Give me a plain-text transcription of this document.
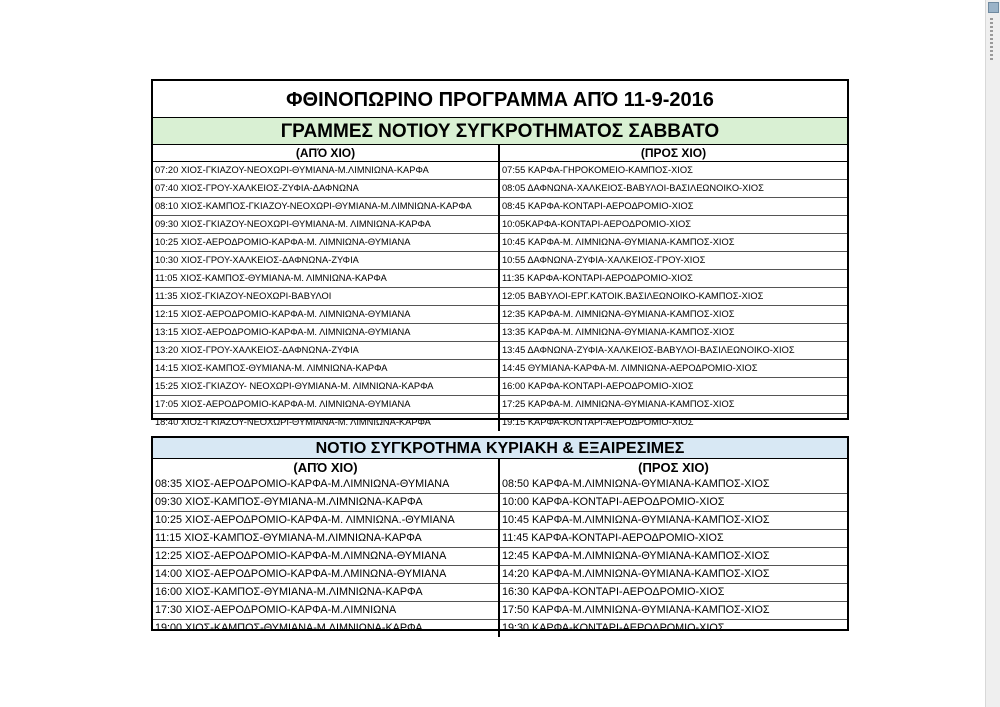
ΦΘΙΝΟΠΩΡΙΝΟ ΠΡΟΓΡΑΜΜΑ ΑΠΌ 11-9-2016
ΓΡΑΜΜΕΣ ΝΟΤΙΟΥ ΣΥΓΚΡΟΤΗΜΑΤΟΣ ΣΑΒΒΑΤΟ
(ΑΠΌ ΧΙΟ)
07:20 ΧΙΟΣ-ΓΚΙΑΖΟΥ-ΝΕΟΧΩΡΙ-ΘΥΜΙΑΝΑ-Μ.ΛΙΜΝΙΩΝΑ-ΚΑΡΦΑ
07:40 ΧΙΟΣ-ΓΡΟΥ-ΧΑΛΚΕΙΟΣ-ΖΥΦΙΑ-ΔΑΦΝΩΝΑ
08:10 ΧΙΟΣ-ΚΑΜΠΟΣ-ΓΚΙΑΖΟΥ-ΝΕΟΧΩΡΙ-ΘΥΜΙΑΝΑ-Μ.ΛΙΜΝΙΩΝΑ-ΚΑΡΦΑ
09:30 ΧΙΟΣ-ΓΚΙΑΖΟΥ-ΝΕΟΧΩΡΙ-ΘΥΜΙΑΝΑ-Μ. ΛΙΜΝΙΩΝΑ-ΚΑΡΦΑ
10:25 ΧΙΟΣ-ΑΕΡΟΔΡΟΜΙΟ-ΚΑΡΦΑ-Μ. ΛΙΜΝΙΩΝΑ-ΘΥΜΙΑΝΑ
10:30 ΧΙΟΣ-ΓΡΟΥ-ΧΑΛΚΕΙΟΣ-ΔΑΦΝΩΝΑ-ΖΥΦΙΑ
11:05 ΧΙΟΣ-ΚΑΜΠΟΣ-ΘΥΜΙΑΝΑ-Μ. ΛΙΜΝΙΩΝΑ-ΚΑΡΦΑ
11:35 ΧΙΟΣ-ΓΚΙΑΖΟΥ-ΝΕΟΧΩΡΙ-ΒΑΒΥΛΟΙ
12:15 ΧΙΟΣ-ΑΕΡΟΔΡΟΜΙΟ-ΚΑΡΦΑ-Μ. ΛΙΜΝΙΩΝΑ-ΘΥΜΙΑΝΑ
13:15 ΧΙΟΣ-ΑΕΡΟΔΡΟΜΙΟ-ΚΑΡΦΑ-Μ. ΛΙΜΝΙΩΝΑ-ΘΥΜΙΑΝΑ
13:20 ΧΙΟΣ-ΓΡΟΥ-ΧΑΛΚΕΙΟΣ-ΔΑΦΝΩΝΑ-ΖΥΦΙΑ
14:15 ΧΙΟΣ-ΚΑΜΠΟΣ-ΘΥΜΙΑΝΑ-Μ. ΛΙΜΝΙΩΝΑ-ΚΑΡΦΑ
15:25 ΧΙΟΣ-ΓΚΙΑΖΟΥ- ΝΕΟΧΩΡΙ-ΘΥΜΙΑΝΑ-Μ. ΛΙΜΝΙΩΝΑ-ΚΑΡΦΑ
17:05 ΧΙΟΣ-ΑΕΡΟΔΡΟΜΙΟ-ΚΑΡΦΑ-Μ. ΛΙΜΝΙΩΝΑ-ΘΥΜΙΑΝΑ
18:40 ΧΙΟΣ-ΓΚΙΑΖΟΥ-ΝΕΟΧΩΡΙ-ΘΥΜΙΑΝΑ-Μ. ΛΙΜΝΙΩΝΑ-ΚΑΡΦΑ
(ΠΡΟΣ ΧΙΟ)
07:55 ΚΑΡΦΑ-ΓΗΡΟΚΟΜΕΙΟ-ΚΑΜΠΟΣ-ΧΙΟΣ
08:05 ΔΑΦΝΩΝΑ-ΧΑΛΚΕΙΟΣ-ΒΑΒΥΛΟΙ-ΒΑΣΙΛΕΩΝΟΙΚΟ-ΧΙΟΣ
08:45 ΚΑΡΦΑ-ΚΟΝΤΑΡΙ-ΑΕΡΟΔΡΟΜΙΟ-ΧΙΟΣ
10:05ΚΑΡΦΑ-ΚΟΝΤΑΡΙ-ΑΕΡΟΔΡΟΜΙΟ-ΧΙΟΣ
10:45 ΚΑΡΦΑ-Μ. ΛΙΜΝΙΩΝΑ-ΘΥΜΙΑΝΑ-ΚΑΜΠΟΣ-ΧΙΟΣ
10:55 ΔΑΦΝΩΝΑ-ΖΥΦΙΑ-ΧΑΛΚΕΙΟΣ-ΓΡΟΥ-ΧΙΟΣ
11:35 ΚΑΡΦΑ-ΚΟΝΤΑΡΙ-ΑΕΡΟΔΡΟΜΙΟ-ΧΙΟΣ
12:05 ΒΑΒΥΛΟΙ-ΕΡΓ.ΚΑΤΟΙΚ.ΒΑΣΙΛΕΩΝΟΙΚΟ-ΚΑΜΠΟΣ-ΧΙΟΣ
12:35 ΚΑΡΦΑ-Μ. ΛΙΜΝΙΩΝΑ-ΘΥΜΙΑΝΑ-ΚΑΜΠΟΣ-ΧΙΟΣ
13:35 ΚΑΡΦΑ-Μ. ΛΙΜΝΙΩΝΑ-ΘΥΜΙΑΝΑ-ΚΑΜΠΟΣ-ΧΙΟΣ
13:45 ΔΑΦΝΩΝΑ-ΖΥΦΙΑ-ΧΑΛΚΕΙΟΣ-ΒΑΒΥΛΟΙ-ΒΑΣΙΛΕΩΝΟΙΚΟ-ΧΙΟΣ
14:45 ΘΥΜΙΑΝΑ-ΚΑΡΦΑ-Μ. ΛΙΜΝΙΩΝΑ-ΑΕΡΟΔΡΟΜΙΟ-ΧΙΟΣ
16:00 ΚΑΡΦΑ-ΚΟΝΤΑΡΙ-ΑΕΡΟΔΡΟΜΙΟ-ΧΙΟΣ
17:25 ΚΑΡΦΑ-Μ. ΛΙΜΝΙΩΝΑ-ΘΥΜΙΑΝΑ-ΚΑΜΠΟΣ-ΧΙΟΣ
19:15 ΚΑΡΦΑ-ΚΟΝΤΑΡΙ-ΑΕΡΟΔΡΟΜΙΟ-ΧΙΟΣ
ΝΟΤΙΟ ΣΥΓΚΡΟΤΗΜΑ ΚΥΡΙΑΚΗ & ΕΞΑΙΡΕΣΙΜΕΣ
(ΑΠΌ ΧΙΟ)
08:35 ΧΙΟΣ-ΑΕΡΟΔΡΟΜΙΟ-ΚΑΡΦΑ-Μ.ΛΙΜΝΙΩΝΑ-ΘΥΜΙΑΝΑ
09:30 ΧΙΟΣ-ΚΑΜΠΟΣ-ΘΥΜΙΑΝΑ-Μ.ΛΙΜΝΙΩΝΑ-ΚΑΡΦΑ
10:25 ΧΙΟΣ-ΑΕΡΟΔΡΟΜΙΟ-ΚΑΡΦΑ-Μ. ΛΙΜΝΙΩΝΑ.-ΘΥΜΙΑΝΑ
11:15 ΧΙΟΣ-ΚΑΜΠΟΣ-ΘΥΜΙΑΝΑ-Μ.ΛΙΜΝΙΩΝΑ-ΚΑΡΦΑ
12:25 ΧΙΟΣ-ΑΕΡΟΔΡΟΜΙΟ-ΚΑΡΦΑ-Μ.ΛΙΜΝΩΝΑ-ΘΥΜΙΑΝΑ
14:00 ΧΙΟΣ-ΑΕΡΟΔΡΟΜΙΟ-ΚΑΡΦΑ-Μ.ΛΜΙΝΩΝΑ-ΘΥΜΙΑΝΑ
16:00 ΧΙΟΣ-ΚΑΜΠΟΣ-ΘΥΜΙΑΝΑ-Μ.ΛΙΜΝΙΩΝΑ-ΚΑΡΦΑ
17:30 ΧΙΟΣ-ΑΕΡΟΔΡΟΜΙΟ-ΚΑΡΦΑ-Μ.ΛΙΜΝΙΩΝΑ
19:00 ΧΙΟΣ-ΚΑΜΠΟΣ-ΘΥΜΙΑΝΑ-Μ.ΛΙΜΝΙΩΝΑ-ΚΑΡΦΑ
(ΠΡΟΣ ΧΙΟ)
08:50 ΚΑΡΦΑ-Μ.ΛΙΜΝΙΩΝΑ-ΘΥΜΙΑΝΑ-ΚΑΜΠΟΣ-ΧΙΟΣ
10:00 ΚΑΡΦΑ-ΚΟΝΤΑΡΙ-ΑΕΡΟΔΡΟΜΙΟ-ΧΙΟΣ
10:45 ΚΑΡΦΑ-Μ.ΛΙΜΝΙΩΝΑ-ΘΥΜΙΑΝΑ-ΚΑΜΠΟΣ-ΧΙΟΣ
11:45 ΚΑΡΦΑ-ΚΟΝΤΑΡΙ-ΑΕΡΟΔΡΟΜΙΟ-ΧΙΟΣ
12:45 ΚΑΡΦΑ-Μ.ΛΙΜΝΙΩΝΑ-ΘΥΜΙΑΝΑ-ΚΑΜΠΟΣ-ΧΙΟΣ
14:20 ΚΑΡΦΑ-Μ.ΛΙΜΝΙΩΝΑ-ΘΥΜΙΑΝΑ-ΚΑΜΠΟΣ-ΧΙΟΣ
16:30 ΚΑΡΦΑ-ΚΟΝΤΑΡΙ-ΑΕΡΟΔΡΟΜΙΟ-ΧΙΟΣ
17:50 ΚΑΡΦΑ-Μ.ΛΙΜΝΙΩΝΑ-ΘΥΜΙΑΝΑ-ΚΑΜΠΟΣ-ΧΙΟΣ
19:30 ΚΑΡΦΑ-ΚΟΝΤΑΡΙ-ΑΕΡΟΔΡΟΜΙΟ-ΧΙΟΣ
